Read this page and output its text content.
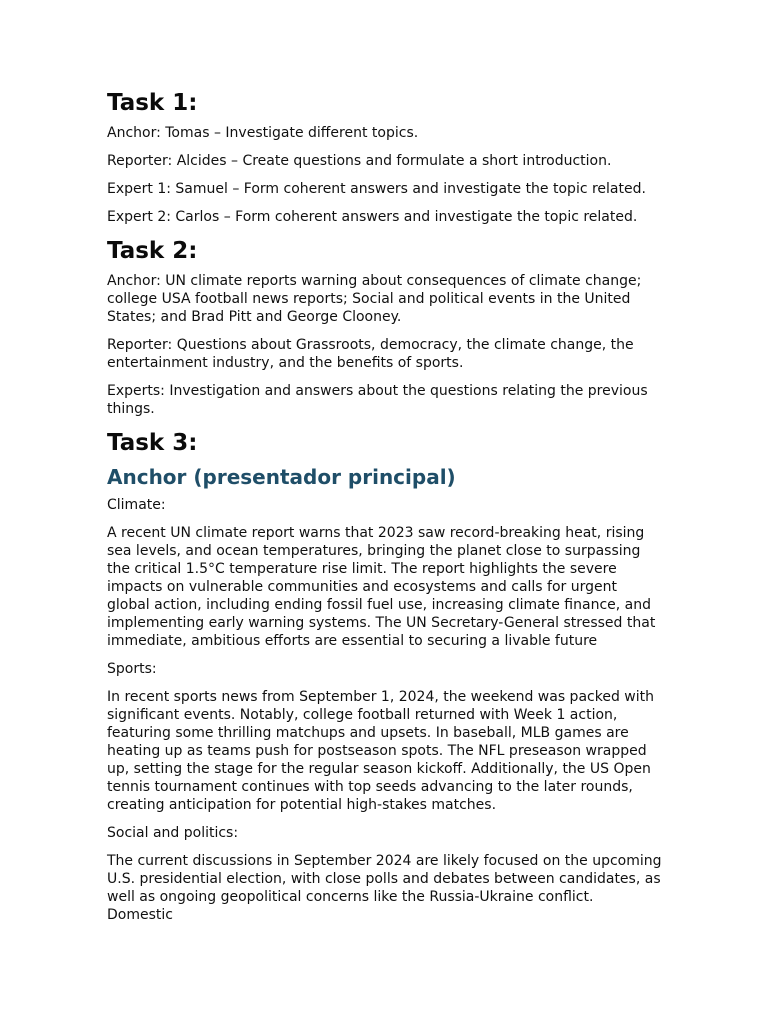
Task 1:

Anchor: Tomas – Investigate different topics.

Reporter: Alcides – Create questions and formulate a short introduction.

Expert 1: Samuel – Form coherent answers and investigate the topic related.

Expert 2: Carlos – Form coherent answers and investigate the topic related.

Task 2:

Anchor: UN climate reports warning about consequences of climate change; college USA football news reports; Social and political events in the United States; and Brad Pitt and George Clooney.

Reporter: Questions about Grassroots, democracy, the climate change, the entertainment industry, and the benefits of sports.

Experts: Investigation and answers about the questions relating the previous things.

Task 3:
Anchor (presentador principal)

Climate:

A recent UN climate report warns that 2023 saw record-breaking heat, rising sea levels, and ocean temperatures, bringing the planet close to surpassing the critical 1.5°C temperature rise limit. The report highlights the severe impacts on vulnerable communities and ecosystems and calls for urgent global action, including ending fossil fuel use, increasing climate finance, and implementing early warning systems. The UN Secretary-General stressed that immediate, ambitious efforts are essential to securing a livable future

Sports:

In recent sports news from September 1, 2024, the weekend was packed with significant events. Notably, college football returned with Week 1 action, featuring some thrilling matchups and upsets. In baseball, MLB games are heating up as teams push for postseason spots. The NFL preseason wrapped up, setting the stage for the regular season kickoff. Additionally, the US Open tennis tournament continues with top seeds advancing to the later rounds, creating anticipation for potential high-stakes matches.

Social and politics:

The current discussions in September 2024 are likely focused on the upcoming U.S. presidential election, with close polls and debates between candidates, as well as ongoing geopolitical concerns like the Russia-Ukraine conflict. Domestic
